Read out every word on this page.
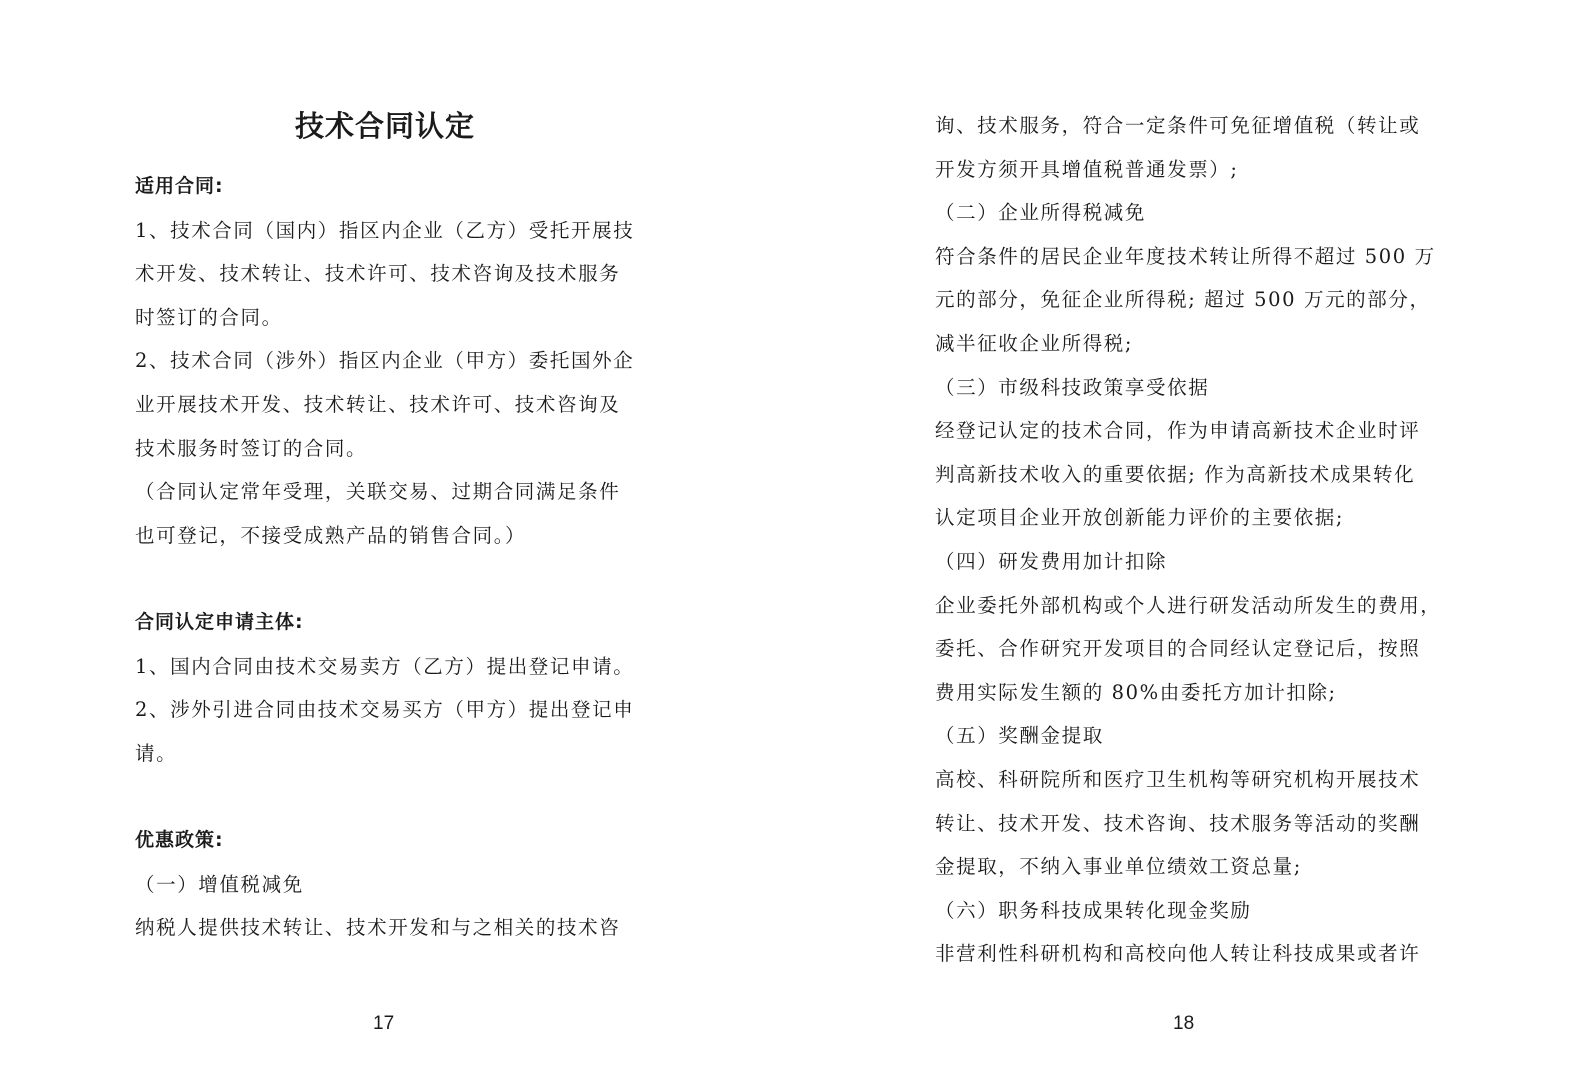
技术合同认定
适用合同:
1、技术合同（国内）指区内企业（乙方）受托开展技
术开发、技术转让、技术许可、技术咨询及技术服务
时签订的合同。
2、技术合同（涉外）指区内企业（甲方）委托国外企
业开展技术开发、技术转让、技术许可、技术咨询及
技术服务时签订的合同。
（合同认定常年受理，关联交易、过期合同满足条件
也可登记，不接受成熟产品的销售合同。）
合同认定申请主体:
1、国内合同由技术交易卖方（乙方）提出登记申请。
2、涉外引进合同由技术交易买方（甲方）提出登记申
请。
优惠政策:
（一）增值税减免
纳税人提供技术转让、技术开发和与之相关的技术咨
17
询、技术服务，符合一定条件可免征增值税（转让或
开发方须开具增值税普通发票）;
（二）企业所得税减免
符合条件的居民企业年度技术转让所得不超过 500 万
元的部分，免征企业所得税; 超过 500 万元的部分，
减半征收企业所得税;
（三）市级科技政策享受依据
经登记认定的技术合同，作为申请高新技术企业时评
判高新技术收入的重要依据; 作为高新技术成果转化
认定项目企业开放创新能力评价的主要依据;
（四）研发费用加计扣除
企业委托外部机构或个人进行研发活动所发生的费用，
委托、合作研究开发项目的合同经认定登记后，按照
费用实际发生额的 80%由委托方加计扣除;
（五）奖酬金提取
高校、科研院所和医疗卫生机构等研究机构开展技术
转让、技术开发、技术咨询、技术服务等活动的奖酬
金提取，不纳入事业单位绩效工资总量;
（六）职务科技成果转化现金奖励
非营利性科研机构和高校向他人转让科技成果或者许
18
